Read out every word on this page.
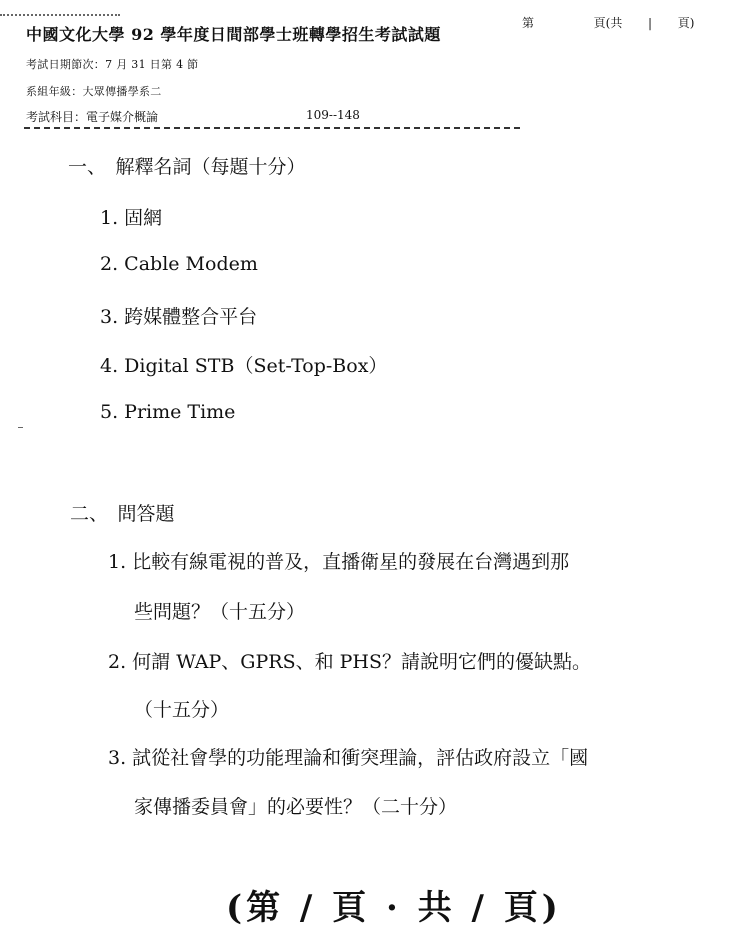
中國文化大學 92 學年度日間部學士班轉學招生考試試題
第	頁(共 | 頁)
考試日期節次：7 月 31 日第 4 節
系組年級：大眾傳播學系二
考試科目：電子媒介概論	109--148
一、　解釋名詞（每題十分）
1. 固網
2. Cable Modem
3. 跨媒體整合平台
4. Digital STB（Set-Top-Box）
5. Prime Time
二、　問答題
1. 比較有線電視的普及，直播衛星的發展在台灣遇到那
些問題？（十五分）
2. 何謂 WAP、GPRS、和 PHS？請說明它們的優缺點。
（十五分）
3. 試從社會學的功能理論和衝突理論，評估政府設立「國
家傳播委員會」的必要性？（二十分）
(第 / 頁 · 共 / 頁)
